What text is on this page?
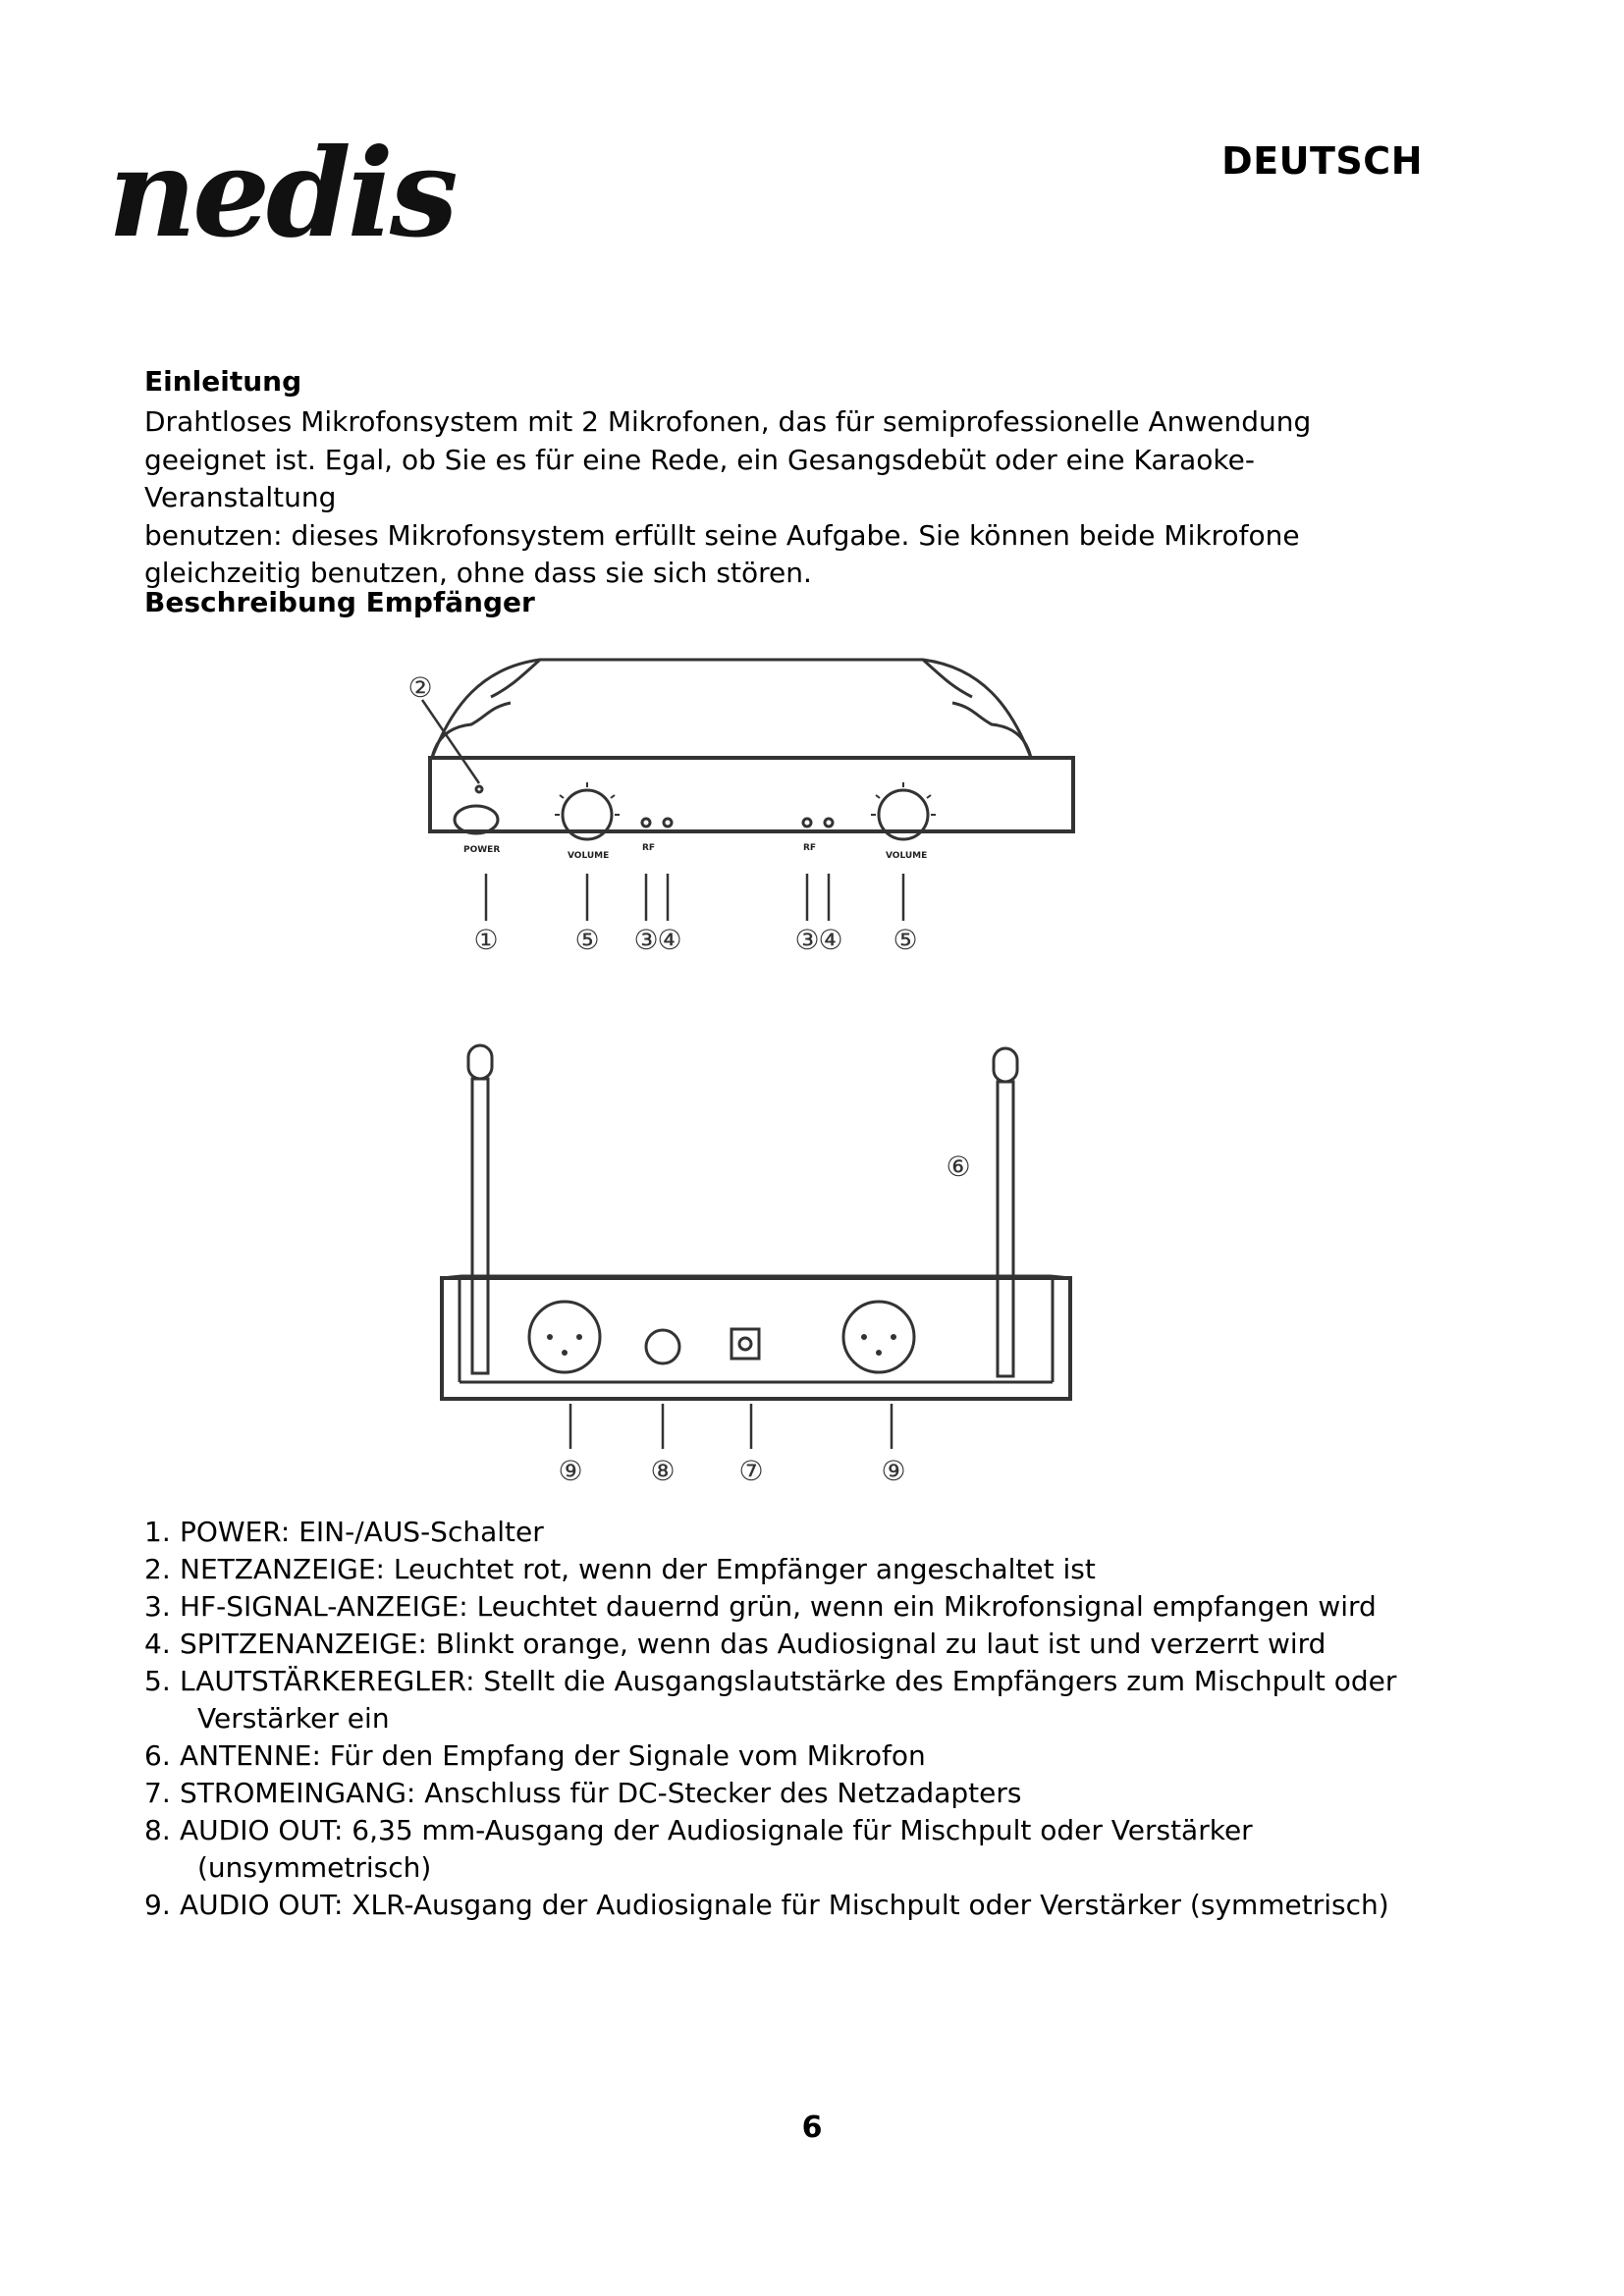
nedis	DEUTSCH
Einleitung

Drahtloses Mikrofonsystem mit 2 Mikrofonen, das für semiprofessionelle Anwendung

geeignet ist. Egal, ob Sie es für eine Rede, ein Gesangsdebüt oder eine Karaoke-Veranstaltung

benutzen: dieses Mikrofonsystem erfüllt seine Aufgabe. Sie können beide Mikrofone

gleichzeitig benutzen, ohne dass sie sich stören.

Beschreibung Empfänger
POWER
VOLUME
RF	RF
VOLUME
②
①	⑤ ③
④	③
④ ⑤
⑥
⑨ ⑧ ⑦	⑨
1. POWER: EIN-/AUS-Schalter
2. NETZANZEIGE: Leuchtet rot, wenn der Empfänger angeschaltet ist
3. HF-SIGNAL-ANZEIGE: Leuchtet dauernd grün, wenn ein Mikrofonsignal empfangen wird
4. SPITZENANZEIGE: Blinkt orange, wenn das Audiosignal zu laut ist und verzerrt wird
5. LAUTSTÄRKEREGLER: Stellt die Ausgangslautstärke des Empfängers zum Mischpult oder
Verstärker ein
6. ANTENNE: Für den Empfang der Signale vom Mikrofon
7. STROMEINGANG: Anschluss für DC-Stecker des Netzadapters
8. AUDIO OUT: 6,35 mm-Ausgang der Audiosignale für Mischpult oder Verstärker
(unsymmetrisch)
9. AUDIO OUT: XLR-Ausgang der Audiosignale für Mischpult oder Verstärker (symmetrisch)
6
